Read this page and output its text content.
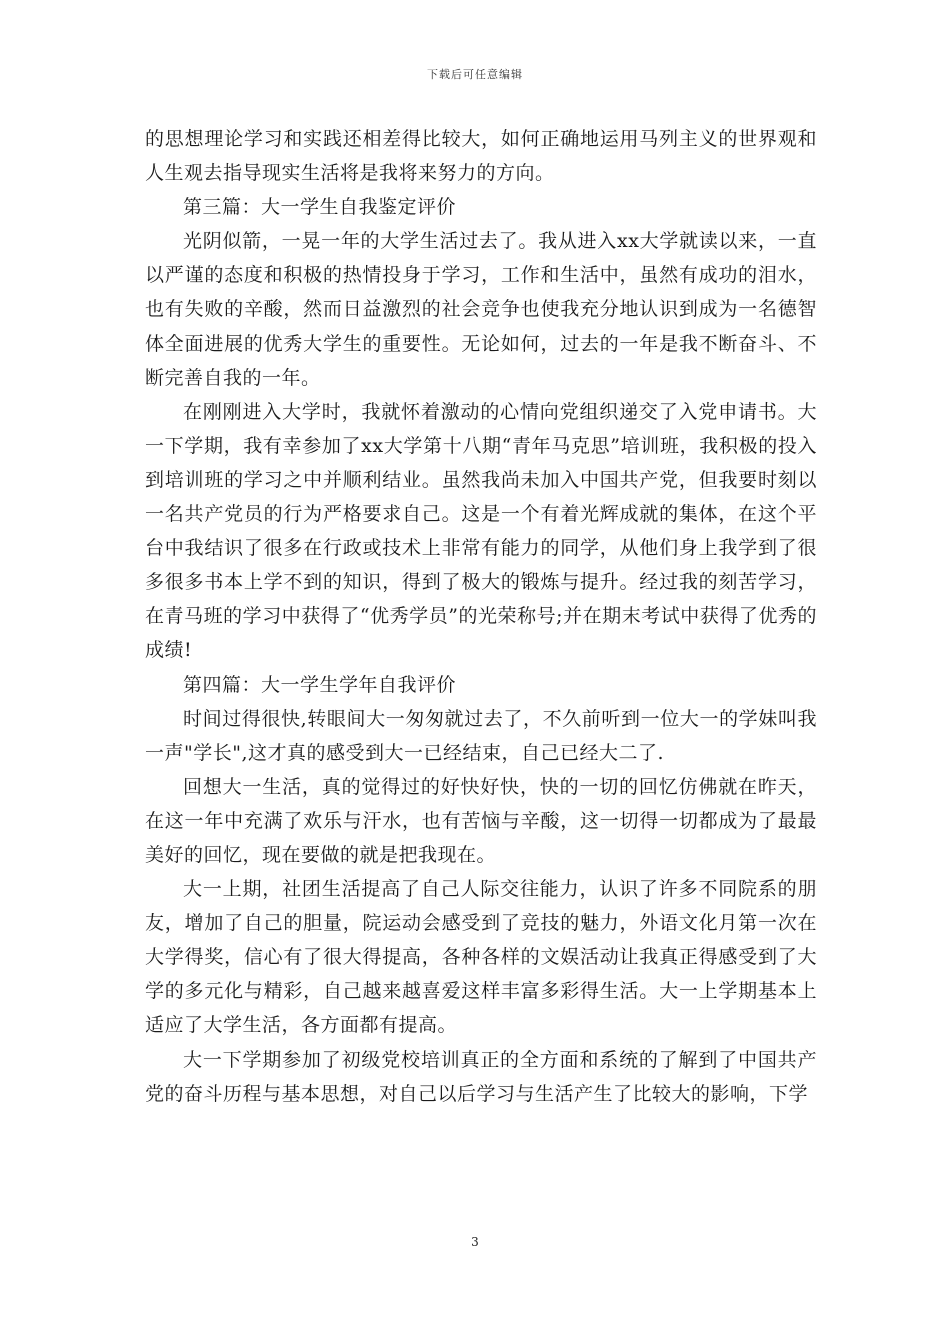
下载后可任意编辑

的思想理论学习和实践还相差得比较大，如何正确地运用马列主义的世界观和人生观去指导现实生活将是我将来努力的方向。

第三篇：大一学生自我鉴定评价

光阴似箭，一晃一年的大学生活过去了。我从进入xx大学就读以来，一直以严谨的态度和积极的热情投身于学习，工作和生活中，虽然有成功的泪水，也有失败的辛酸，然而日益激烈的社会竞争也使我充分地认识到成为一名德智体全面进展的优秀大学生的重要性。无论如何，过去的一年是我不断奋斗、不断完善自我的一年。

在刚刚进入大学时，我就怀着激动的心情向党组织递交了入党申请书。大一下学期，我有幸参加了xx大学第十八期“青年马克思”培训班，我积极的投入到培训班的学习之中并顺利结业。虽然我尚未加入中国共产党，但我要时刻以一名共产党员的行为严格要求自己。这是一个有着光辉成就的集体，在这个平台中我结识了很多在行政或技术上非常有能力的同学，从他们身上我学到了很多很多书本上学不到的知识，得到了极大的锻炼与提升。经过我的刻苦学习，在青马班的学习中获得了“优秀学员”的光荣称号;并在期末考试中获得了优秀的成绩!

第四篇：大一学生学年自我评价

时间过得很快,转眼间大一匆匆就过去了，不久前听到一位大一的学妹叫我一声"学长",这才真的感受到大一已经结束，自己已经大二了.

回想大一生活，真的觉得过的好快好快，快的一切的回忆仿佛就在昨天，在这一年中充满了欢乐与汗水，也有苦恼与辛酸，这一切得一切都成为了最最美好的回忆，现在要做的就是把我现在。

大一上期，社团生活提高了自己人际交往能力，认识了许多不同院系的朋友，增加了自己的胆量，院运动会感受到了竞技的魅力，外语文化月第一次在大学得奖，信心有了很大得提高，各种各样的文娱活动让我真正得感受到了大学的多元化与精彩，自己越来越喜爱这样丰富多彩得生活。大一上学期基本上适应了大学生活，各方面都有提高。

大一下学期参加了初级党校培训真正的全方面和系统的了解到了中国共产党的奋斗历程与基本思想，对自己以后学习与生活产生了比较大的影响，下学

3
